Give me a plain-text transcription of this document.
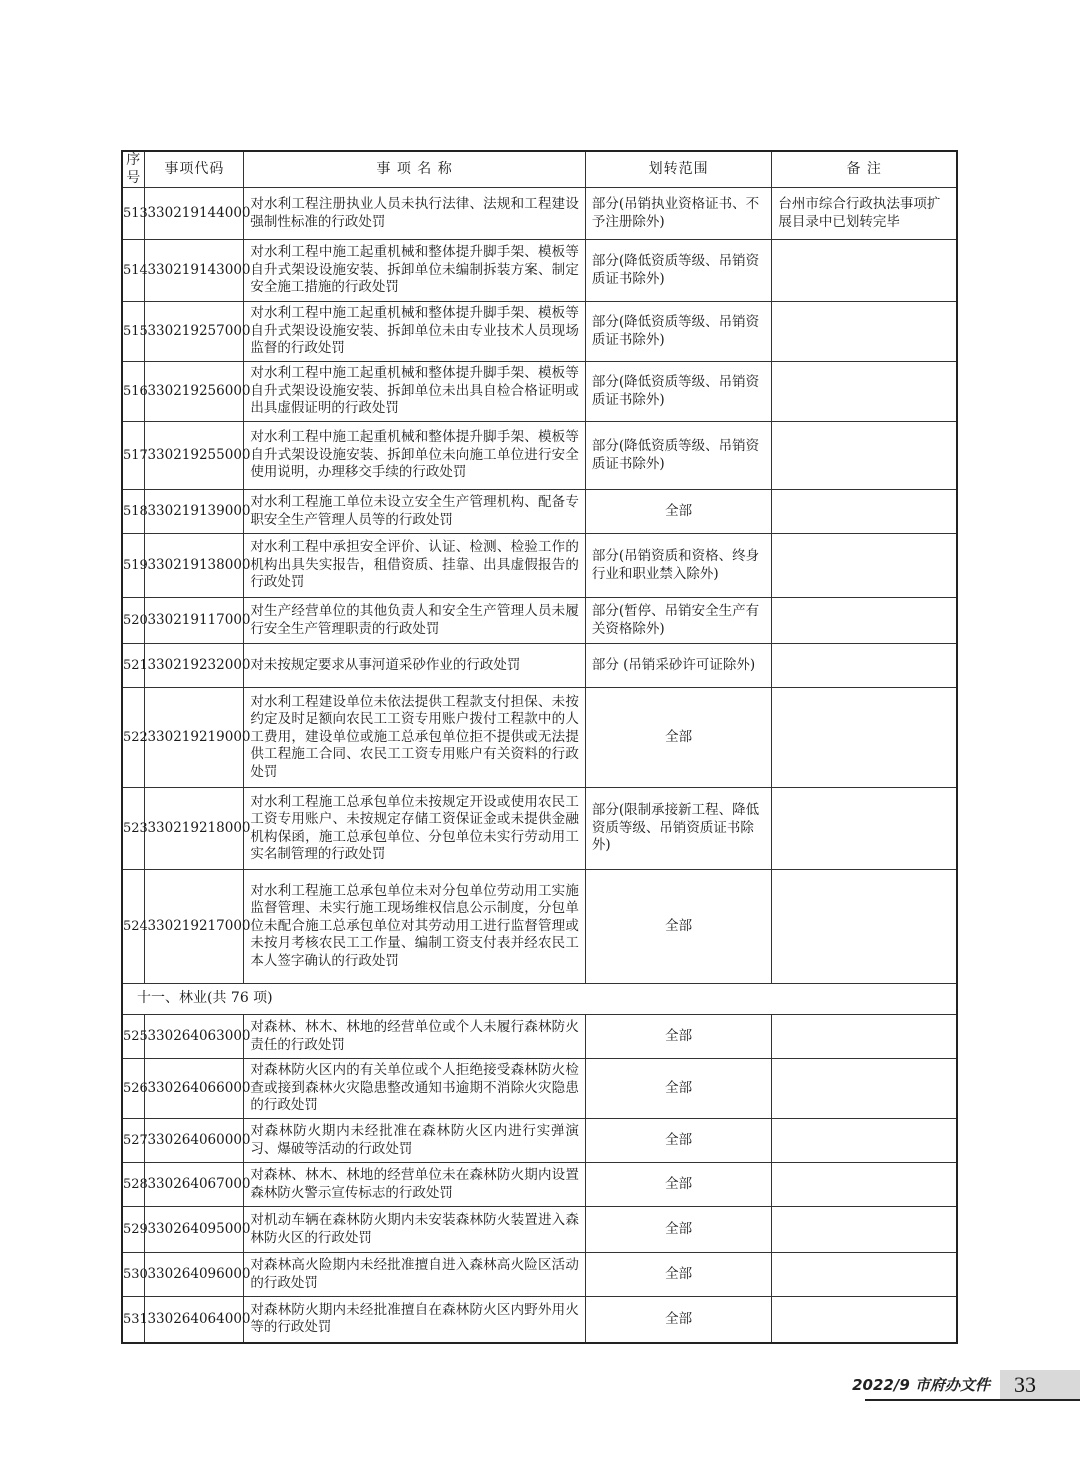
序号	事项代码	事 项 名 称	划转范围	备 注
513	330219144000	对水利工程注册执业人员未执行法律、法规和工程建设强制性标准的行政处罚	部分(吊销执业资格证书、不予注册除外)	台州市综合行政执法事项扩展目录中已划转完毕
514	330219143000	对水利工程中施工起重机械和整体提升脚手架、模板等自升式架设设施安装、拆卸单位未编制拆装方案、制定安全施工措施的行政处罚	部分(降低资质等级、吊销资质证书除外)	
515	330219257000	对水利工程中施工起重机械和整体提升脚手架、模板等自升式架设设施安装、拆卸单位未由专业技术人员现场监督的行政处罚	部分(降低资质等级、吊销资质证书除外)	
516	330219256000	对水利工程中施工起重机械和整体提升脚手架、模板等自升式架设设施安装、拆卸单位未出具自检合格证明或出具虚假证明的行政处罚	部分(降低资质等级、吊销资质证书除外)	
517	330219255000	对水利工程中施工起重机械和整体提升脚手架、模板等自升式架设设施安装、拆卸单位未向施工单位进行安全使用说明，办理移交手续的行政处罚	部分(降低资质等级、吊销资质证书除外)	
518	330219139000	对水利工程施工单位未设立安全生产管理机构、配备专职安全生产管理人员等的行政处罚	全部	
519	330219138000	对水利工程中承担安全评价、认证、检测、检验工作的机构出具失实报告，租借资质、挂靠、出具虚假报告的行政处罚	部分(吊销资质和资格、终身行业和职业禁入除外)	
520	330219117000	对生产经营单位的其他负责人和安全生产管理人员未履行安全生产管理职责的行政处罚	部分(暂停、吊销安全生产有关资格除外)	
521	330219232000	对未按规定要求从事河道采砂作业的行政处罚	部分 (吊销采砂许可证除外)	
522	330219219000	对水利工程建设单位未依法提供工程款支付担保、未按约定及时足额向农民工工资专用账户拨付工程款中的人工费用，建设单位或施工总承包单位拒不提供或无法提供工程施工合同、农民工工资专用账户有关资料的行政处罚	全部	
523	330219218000	对水利工程施工总承包单位未按规定开设或使用农民工工资专用账户、未按规定存储工资保证金或未提供金融机构保函，施工总承包单位、分包单位未实行劳动用工实名制管理的行政处罚	部分(限制承接新工程、降低资质等级、吊销资质证书除外)	
524	330219217000	对水利工程施工总承包单位未对分包单位劳动用工实施监督管理、未实行施工现场维权信息公示制度，分包单位未配合施工总承包单位对其劳动用工进行监督管理或未按月考核农民工工作量、编制工资支付表并经农民工本人签字确认的行政处罚	全部	
十一、林业(共 76 项)				
525	330264063000	对森林、林木、林地的经营单位或个人未履行森林防火责任的行政处罚	全部	
526	330264066000	对森林防火区内的有关单位或个人拒绝接受森林防火检查或接到森林火灾隐患整改通知书逾期不消除火灾隐患的行政处罚	全部	
527	330264060000	对森林防火期内未经批准在森林防火区内进行实弹演习、爆破等活动的行政处罚	全部	
528	330264067000	对森林、林木、林地的经营单位未在森林防火期内设置森林防火警示宣传标志的行政处罚	全部	
529	330264095000	对机动车辆在森林防火期内未安装森林防火装置进入森林防火区的行政处罚	全部	
530	330264096000	对森林高火险期内未经批准擅自进入森林高火险区活动的行政处罚	全部	
531	330264064000	对森林防火期内未经批准擅自在森林防火区内野外用火等的行政处罚	全部	
2022/9 市府办文件 33
